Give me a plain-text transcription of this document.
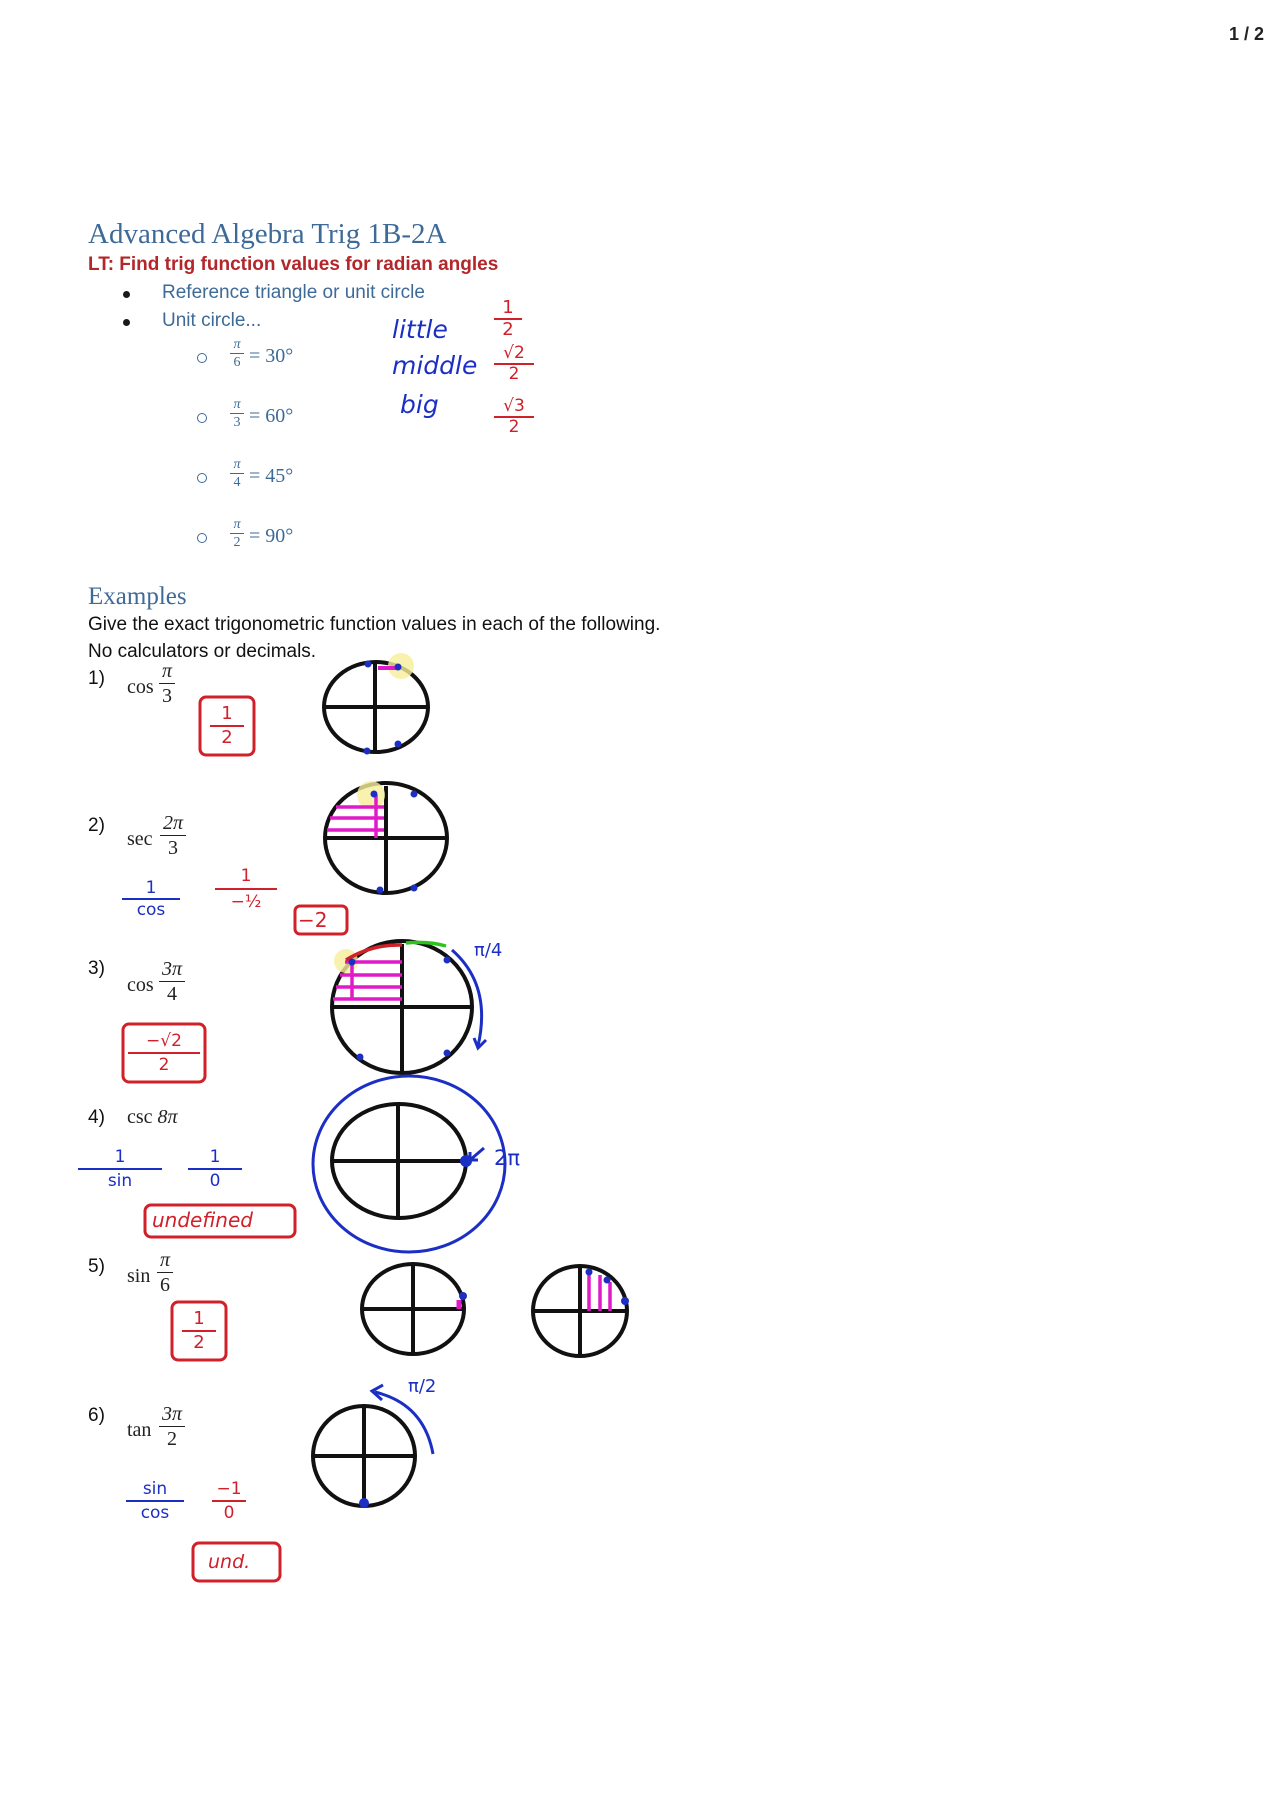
1 / 2
Advanced Algebra Trig 1B-2A
LT: Find trig function values for radian angles
Reference triangle or unit circle
Unit circle...
$\frac{\pi}{6} = 30^\circ$
$\frac{\pi}{3} = 60^\circ$
$\frac{\pi}{4} = 45^\circ$
$\frac{\pi}{2} = 90^\circ$
little
middle
big
1
2
√2
2
√3
2
Examples
Give the exact trigonometric function values in each of the following.
No calculators or decimals.
1) $\cos \frac{\pi}{3}$
2)
$\sec \frac{2\pi}{3}$
3)
$\cos \frac{3\pi}{4}$
4) csc 8π
5) $\sin \frac{\pi}{6}$
6)
$\tan \frac{3\pi}{2}$
1
2
1
cos
1
−½
−2
−√2
2
π/4
1
sin
1
0
undefined
2π
1
2
sin
cos
−1
0
und.
π/2
